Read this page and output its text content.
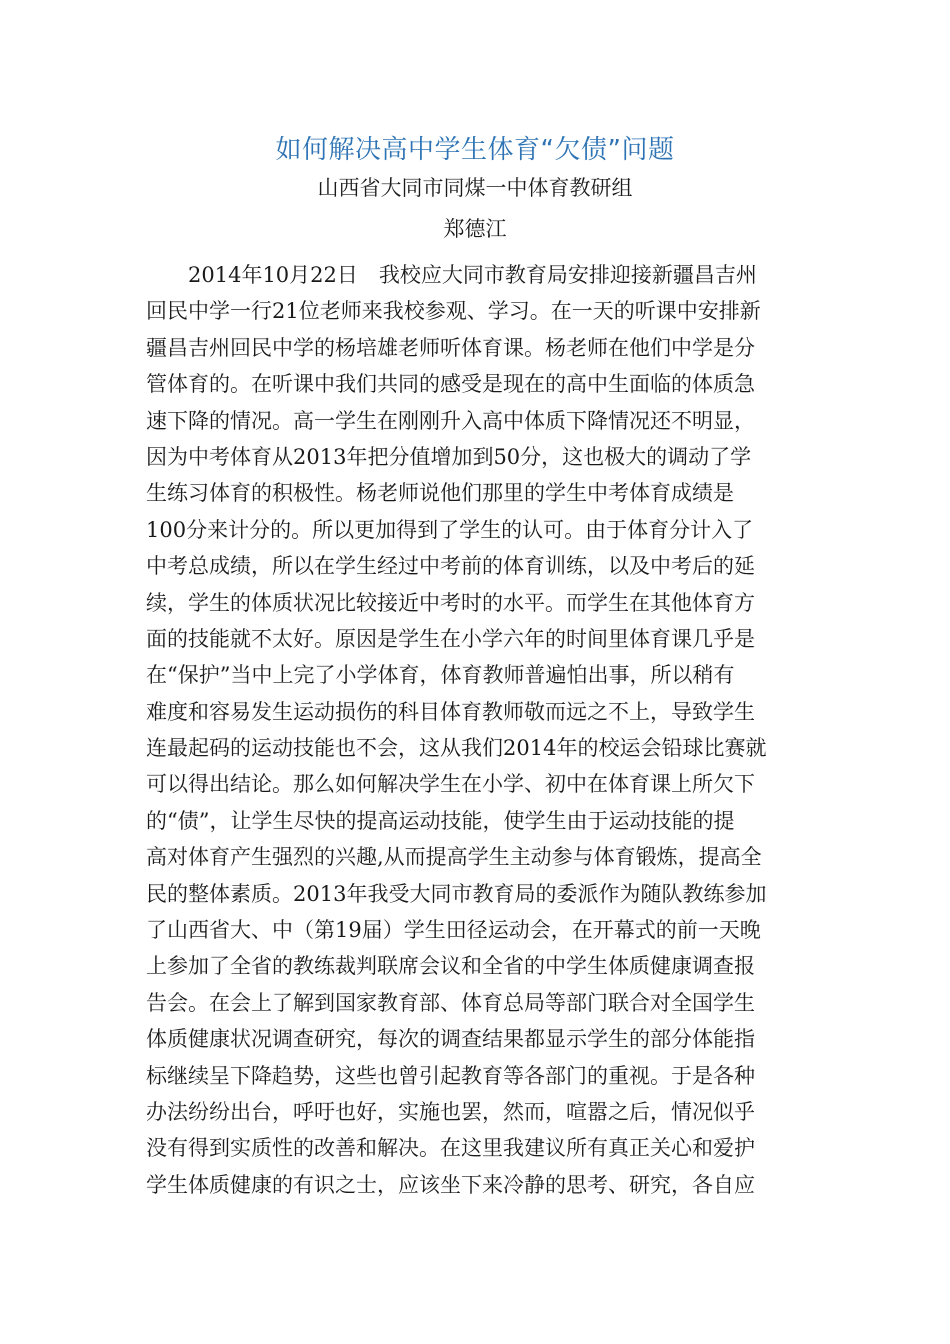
如何解决高中学生体育“欠债”问题
山西省大同市同煤一中体育教研组
郑德江
2014年10月22日　我校应大同市教育局安排迎接新疆昌吉州
回民中学一行21位老师来我校参观、学习。在一天的听课中安排新
疆昌吉州回民中学的杨培雄老师听体育课。杨老师在他们中学是分
管体育的。在听课中我们共同的感受是现在的高中生面临的体质急
速下降的情况。高一学生在刚刚升入高中体质下降情况还不明显，
因为中考体育从2013年把分值增加到50分，这也极大的调动了学
生练习体育的积极性。杨老师说他们那里的学生中考体育成绩是
100分来计分的。所以更加得到了学生的认可。由于体育分计入了
中考总成绩，所以在学生经过中考前的体育训练，以及中考后的延
续，学生的体质状况比较接近中考时的水平。而学生在其他体育方
面的技能就不太好。原因是学生在小学六年的时间里体育课几乎是
在“保护”当中上完了小学体育，体育教师普遍怕出事，所以稍有
难度和容易发生运动损伤的科目体育教师敬而远之不上，导致学生
连最起码的运动技能也不会，这从我们2014年的校运会铅球比赛就
可以得出结论。那么如何解决学生在小学、初中在体育课上所欠下
的“债”，让学生尽快的提高运动技能，使学生由于运动技能的提
高对体育产生强烈的兴趣,从而提高学生主动参与体育锻炼，提高全
民的整体素质。2013年我受大同市教育局的委派作为随队教练参加
了山西省大、中（第19届）学生田径运动会，在开幕式的前一天晚
上参加了全省的教练裁判联席会议和全省的中学生体质健康调查报
告会。在会上了解到国家教育部、体育总局等部门联合对全国学生
体质健康状况调查研究，每次的调查结果都显示学生的部分体能指
标继续呈下降趋势，这些也曾引起教育等各部门的重视。于是各种
办法纷纷出台，呼吁也好，实施也罢，然而，喧嚣之后，情况似乎
没有得到实质性的改善和解决。在这里我建议所有真正关心和爱护
学生体质健康的有识之士，应该坐下来冷静的思考、研究，各自应
